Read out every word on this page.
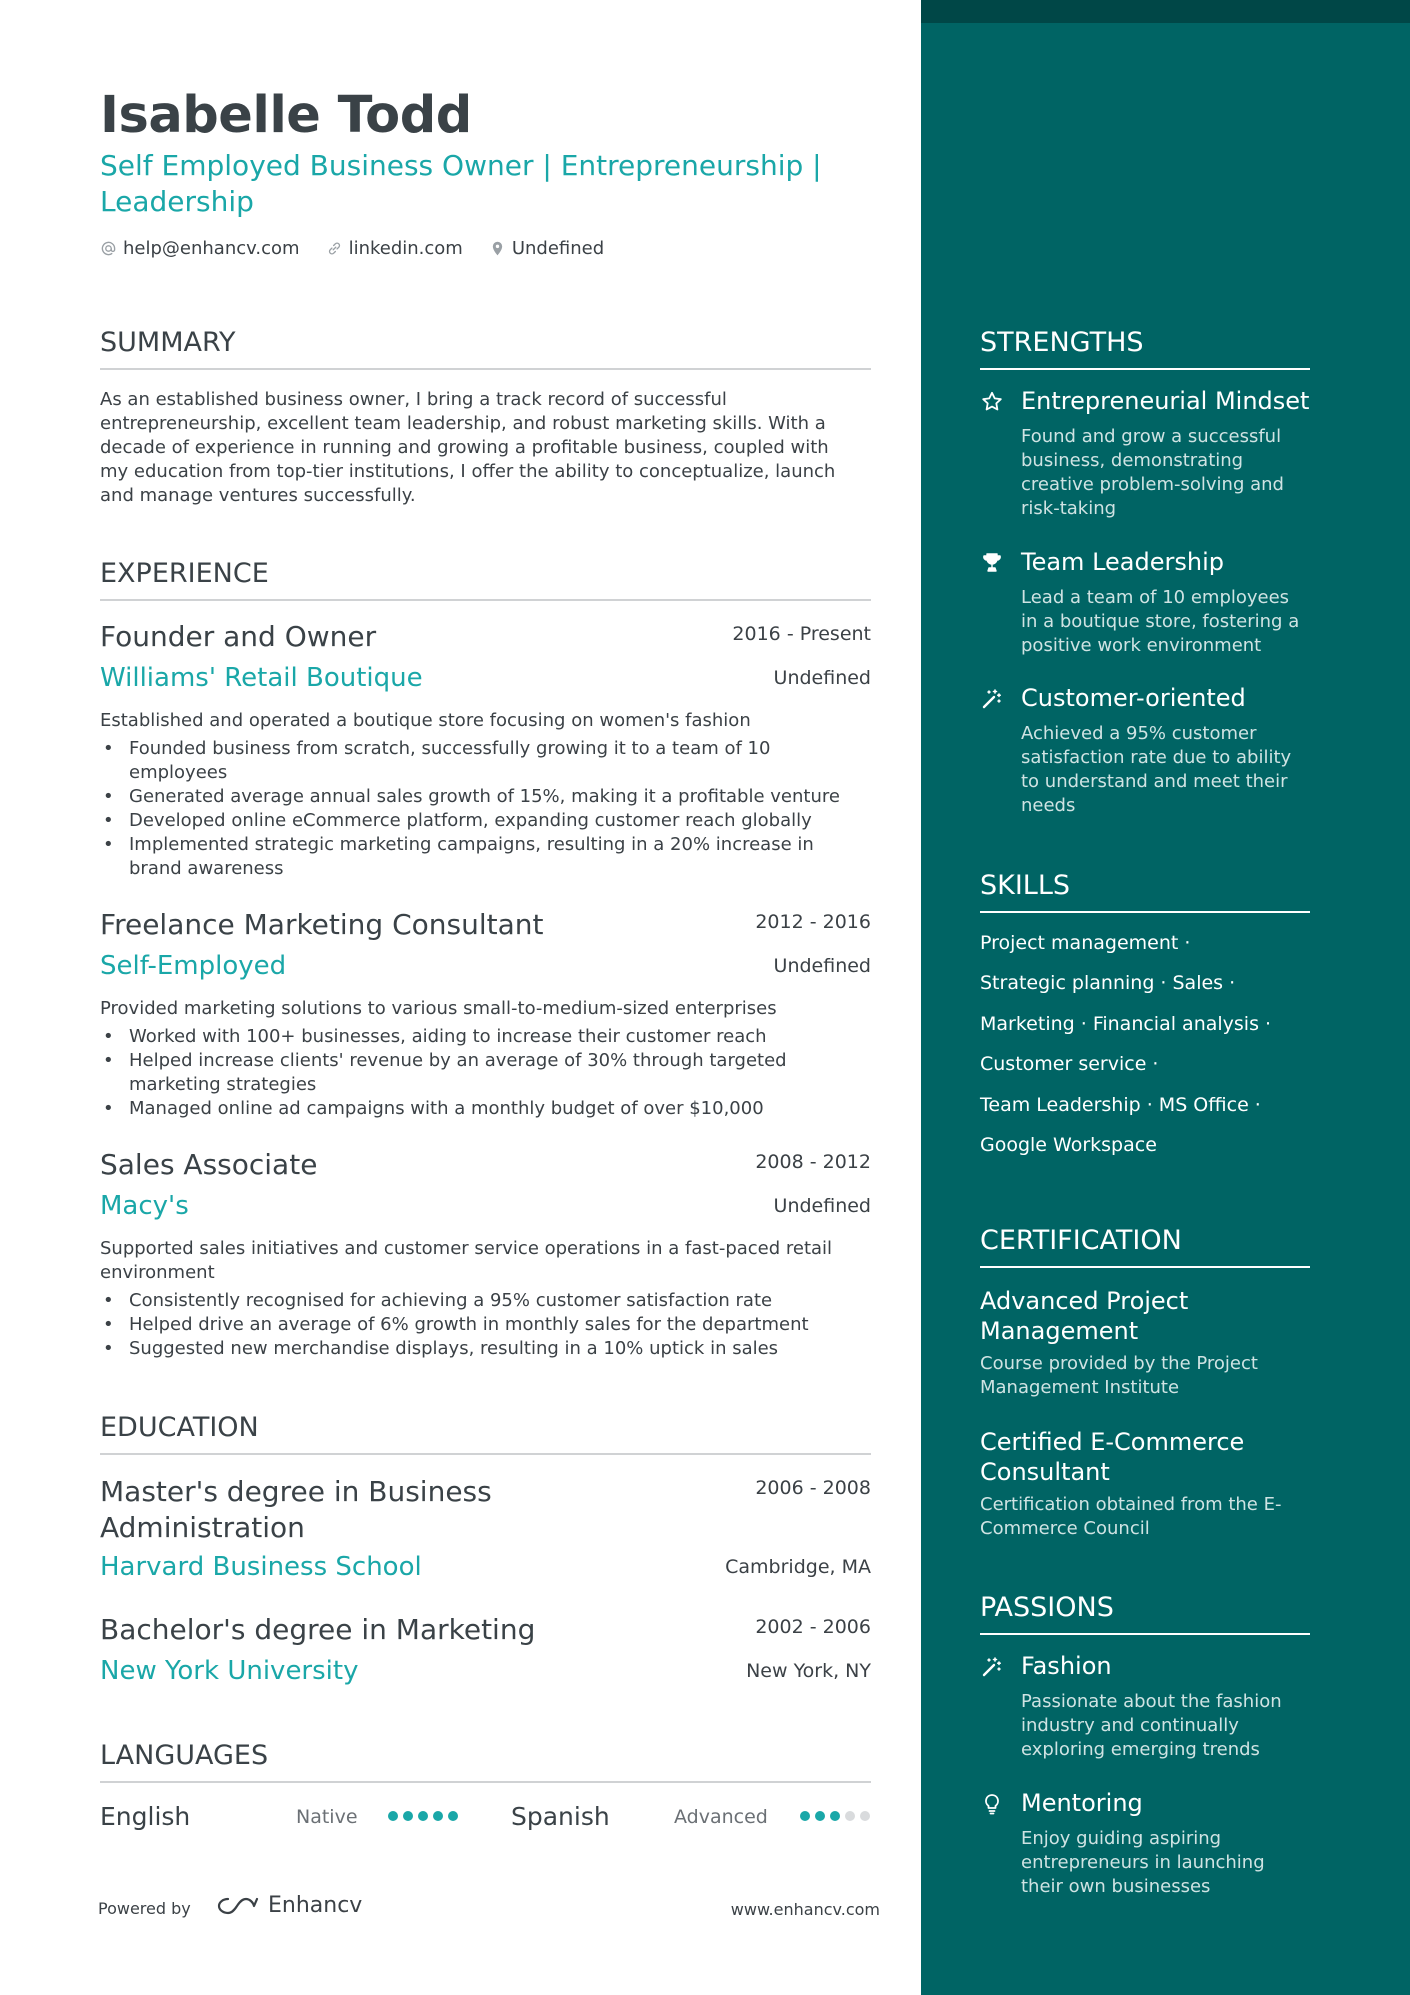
Isabelle Todd
Self Employed Business Owner | Entrepreneurship |
Leadership
help@enhancv.com	linkedin.com	Undefined
SUMMARY
As an established business owner, I bring a track record of successful
entrepreneurship, excellent team leadership, and robust marketing skills. With a
decade of experience in running and growing a profitable business, coupled with
my education from top-tier institutions, I offer the ability to conceptualize, launch
and manage ventures successfully.
EXPERIENCE
Founder and Owner	2016 - Present
Williams' Retail Boutique	Undefined
Established and operated a boutique store focusing on women's fashion
• Founded business from scratch, successfully growing it to a team of 10
employees
• Generated average annual sales growth of 15%, making it a profitable venture
• Developed online eCommerce platform, expanding customer reach globally
• Implemented strategic marketing campaigns, resulting in a 20% increase in
brand awareness
Freelance Marketing Consultant	2012 - 2016
Self-Employed	Undefined
Provided marketing solutions to various small-to-medium-sized enterprises
• Worked with 100+ businesses, aiding to increase their customer reach
• Helped increase clients' revenue by an average of 30% through targeted
marketing strategies
• Managed online ad campaigns with a monthly budget of over $10,000
Sales Associate	2008 - 2012
Macy's	Undefined
Supported sales initiatives and customer service operations in a fast-paced retail
environment
• Consistently recognised for achieving a 95% customer satisfaction rate
• Helped drive an average of 6% growth in monthly sales for the department
• Suggested new merchandise displays, resulting in a 10% uptick in sales
EDUCATION
Master's degree in Business
Administration
2006 - 2008
Harvard Business School	Cambridge, MA
Bachelor's degree in Marketing	2002 - 2006
New York University	New York, NY
LANGUAGES
English	Native	Spanish	Advanced
Powered by	Enhancv	www.enhancv.com
STRENGTHS
Entrepreneurial Mindset
Found and grow a successful
business, demonstrating
creative problem-solving and
risk-taking
Team Leadership
Lead a team of 10 employees
in a boutique store, fostering a
positive work environment
Customer-oriented
Achieved a 95% customer
satisfaction rate due to ability
to understand and meet their
needs
SKILLS
Project management ·
Strategic planning · Sales ·
Marketing · Financial analysis ·
Customer service ·
Team Leadership · MS Office ·
Google Workspace
CERTIFICATION
Advanced Project
Management
Course provided by the Project
Management Institute
Certified E-Commerce
Consultant
Certification obtained from the E-
Commerce Council
PASSIONS
Fashion
Passionate about the fashion
industry and continually
exploring emerging trends
Mentoring
Enjoy guiding aspiring
entrepreneurs in launching
their own businesses
